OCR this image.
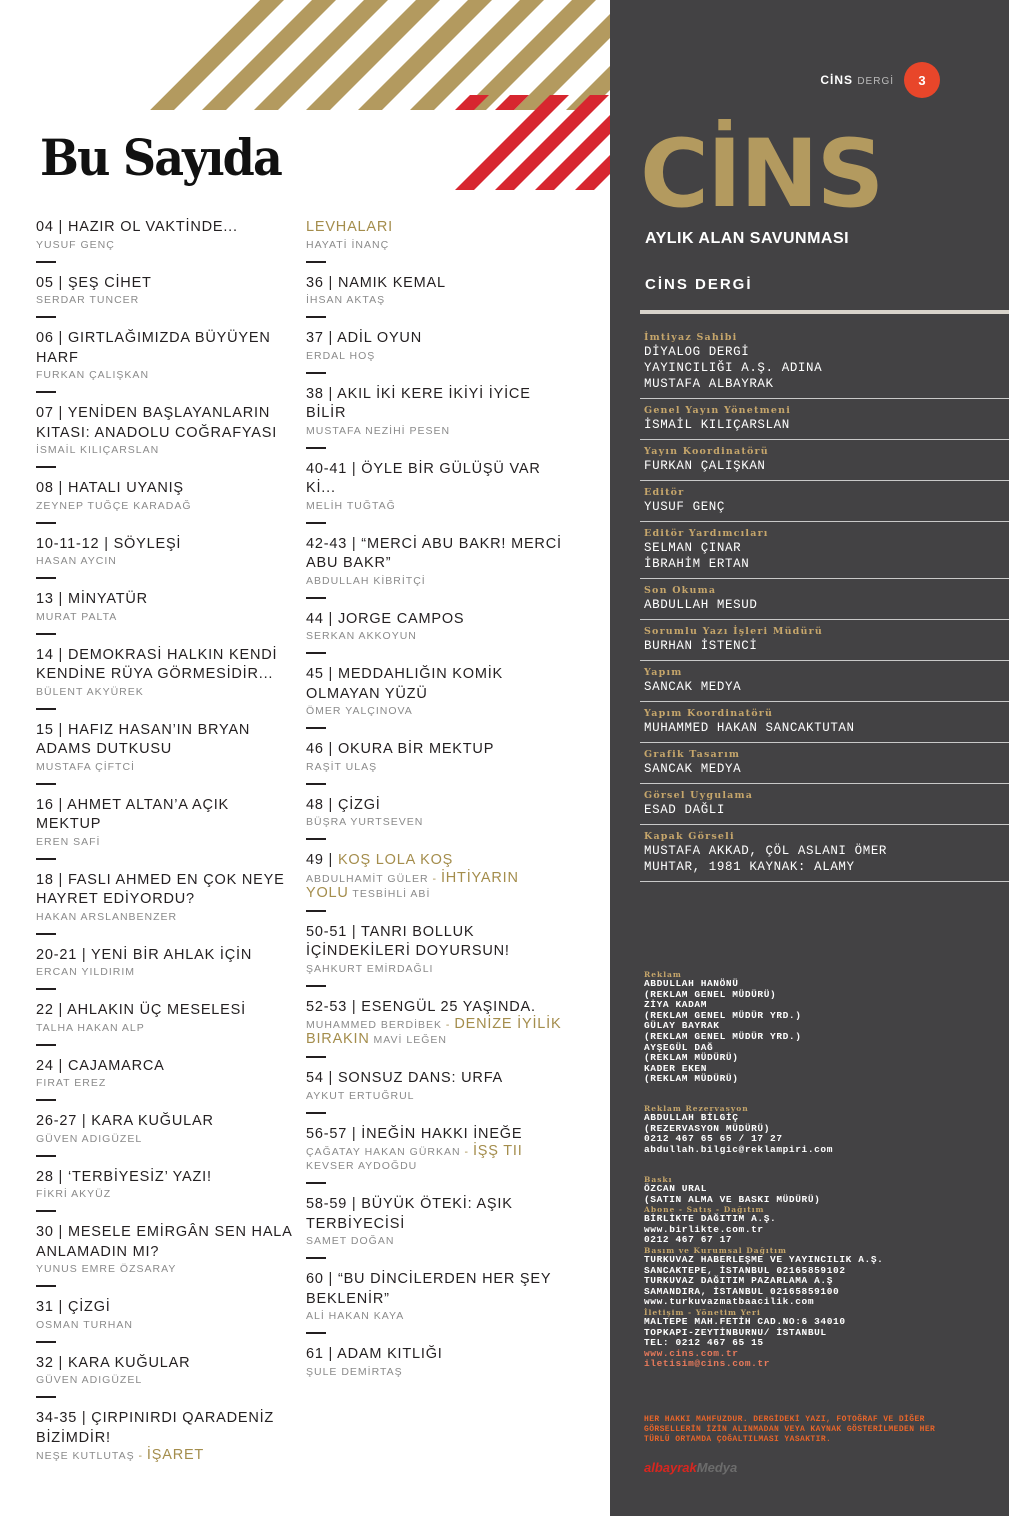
Bu Sayıda
04 | HAZIR OL VAKTİNDE...
YUSUF GENÇ
05 | ŞEŞ CİHET
SERDAR TUNCER
06 | GIRTLAĞIMIZDA BÜYÜYEN HARF
FURKAN ÇALIŞKAN
07 | YENİDEN BAŞLAYANLARIN KITASI: ANADOLU COĞRAFYASI
İSMAİL KILIÇARSLAN
08 | HATALI UYANIŞ
ZEYNEP TUĞÇE KARADAĞ
10-11-12 | SÖYLEŞİ
HASAN AYCIN
13 | MİNYATÜR
MURAT PALTA
14 | DEMOKRASİ HALKIN KENDİ KENDİNE RÜYA GÖRMESİDİR...
BÜLENT AKYÜREK
15 | HAFIZ HASAN’IN BRYAN ADAMS DUTKUSU
MUSTAFA ÇİFTCİ
16 | AHMET ALTAN’A AÇIK MEKTUP
EREN SAFİ
18 | FASLI AHMED EN ÇOK NEYE HAYRET EDİYORDU?
HAKAN ARSLANBENZER
20-21 | YENİ BİR AHLAK İÇİN
ERCAN YILDIRIM
22 | AHLAKIN ÜÇ MESELESİ
TALHA HAKAN ALP
24 | CAJAMARCA
FIRAT EREZ
26-27 | KARA KUĞULAR
GÜVEN ADIGÜZEL
28 | ‘TERBİYESİZ’ YAZI!
FİKRİ AKYÜZ
30 | MESELE EMİRGÂN SEN HALA ANLAMADIN MI?
YUNUS EMRE ÖZSARAY
31 | ÇİZGİ
OSMAN TURHAN
32 | KARA KUĞULAR
GÜVEN ADIGÜZEL
34-35 | ÇIRPINIRDI QARADENİZ BİZİMDİR!
NEŞE KUTLUTAŞ - İŞARET
LEVHALARI
HAYATİ İNANÇ
36 | NAMIK KEMAL
İHSAN AKTAŞ
37 | ADİL OYUN
ERDAL HOŞ
38 | AKIL İKİ KERE İKİYİ İYİCE BİLİR
MUSTAFA NEZİHİ PESEN
40-41 | ÖYLE BİR GÜLÜŞÜ VAR Kİ...
MELİH TUĞTAĞ
42-43 | “MERCİ ABU BAKR! MERCİ ABU BAKR”
ABDULLAH KİBRİTÇİ
44 | JORGE CAMPOS
SERKAN AKKOYUN
45 | MEDDAHLIĞIN KOMİK OLMAYAN YÜZÜ
ÖMER YALÇINOVA
46 | OKURA BİR MEKTUP
RAŞİT ULAŞ
48 | ÇİZGİ
BÜŞRA YURTSEVEN
49 | KOŞ LOLA KOŞ
ABDULHAMİT GÜLER - İHTİYARIN YOLU TESBİHLİ ABİ
50-51 | TANRI BOLLUK İÇİNDEKİLERİ DOYURSUN!
ŞAHKURT EMİRDAĞLI
52-53 | ESENGÜL 25 YAŞINDA.
MUHAMMED BERDİBEK - DENİZE İYİLİK BIRAKIN MAVİ LEĞEN
54 | SONSUZ DANS: URFA
AYKUT ERTUĞRUL
56-57 | İNEĞİN HAKKI İNEĞE
ÇAĞATAY HAKAN GÜRKAN - İŞŞ TII KEVSER AYDOĞDU
58-59 | BÜYÜK ÖTEKİ: AŞIK TERBİYECİSİ
SAMET DOĞAN
60 | “BU DİNCİLERDEN HER ŞEY BEKLENİR”
ALİ HAKAN KAYA
61 | ADAM KITLIĞI
ŞULE DEMİRTAŞ
CİNS DERGİ	3
CİNS
AYLIK ALAN SAVUNMASI
CİNS DERGİ
İmtiyaz Sahibi
DİYALOG DERGİ
YAYINCILIĞI A.Ş. ADINA
MUSTAFA ALBAYRAK
Genel Yayın Yönetmeni
İSMAİL KILIÇARSLAN
Yayın Koordinatörü
FURKAN ÇALIŞKAN
Editör
YUSUF GENÇ
Editör Yardımcıları
SELMAN ÇINAR
İBRAHİM ERTAN
Son Okuma
ABDULLAH MESUD
Sorumlu Yazı İşleri Müdürü
BURHAN İSTENCİ
Yapım
SANCAK MEDYA
Yapım Koordinatörü
MUHAMMED HAKAN SANCAKTUTAN
Grafik Tasarım
SANCAK MEDYA
Görsel Uygulama
ESAD DAĞLI
Kapak Görseli
MUSTAFA AKKAD, ÇÖL ASLANI ÖMER
MUHTAR, 1981 KAYNAK: ALAMY
Reklam
ABDULLAH HANÖNÜ
(REKLAM GENEL MÜDÜRÜ)
ZİYA KADAM
(REKLAM GENEL MÜDÜR YRD.)
GÜLAY BAYRAK
(REKLAM GENEL MÜDÜR YRD.)
AYŞEGÜL DAĞ
(REKLAM MÜDÜRÜ)
KADER EKEN
(REKLAM MÜDÜRÜ)
Reklam Rezervasyon
ABDULLAH BİLGİÇ
(REZERVASYON MÜDÜRÜ)
0212 467 65 65 / 17 27
abdullah.bilgic@reklampiri.com
Baskı
ÖZCAN URAL
(SATIN ALMA VE BASKI MÜDÜRÜ)
Abone - Satış - Dağıtım
BİRLİKTE DAĞITIM A.Ş.
www.birlikte.com.tr
0212 467 67 17
Basım ve Kurumsal Dağıtım
TURKUVAZ HABERLEŞME VE YAYINCILIK A.Ş.
SANCAKTEPE, İSTANBUL 02165859102
TURKUVAZ DAĞITIM PAZARLAMA A.Ş
SAMANDIRA, İSTANBUL 02165859100
www.turkuvazmatbaacilik.com
İletişim - Yönetim Yeri
MALTEPE MAH.FETİH CAD.NO:6 34010
TOPKAPI-ZEYTİNBURNU/ İSTANBUL
TEL: 0212 467 65 15
www.cins.com.tr
iletisim@cins.com.tr
HER HAKKI MAHFUZDUR. DERGİDEKİ YAZI, FOTOĞRAF VE DİĞER GÖRSELLERİN İZİN ALINMADAN VEYA KAYNAK GÖSTERİLMEDEN HER TÜRLÜ ORTAMDA ÇOĞALTILMASI YASAKTIR.
albayrakMedya
